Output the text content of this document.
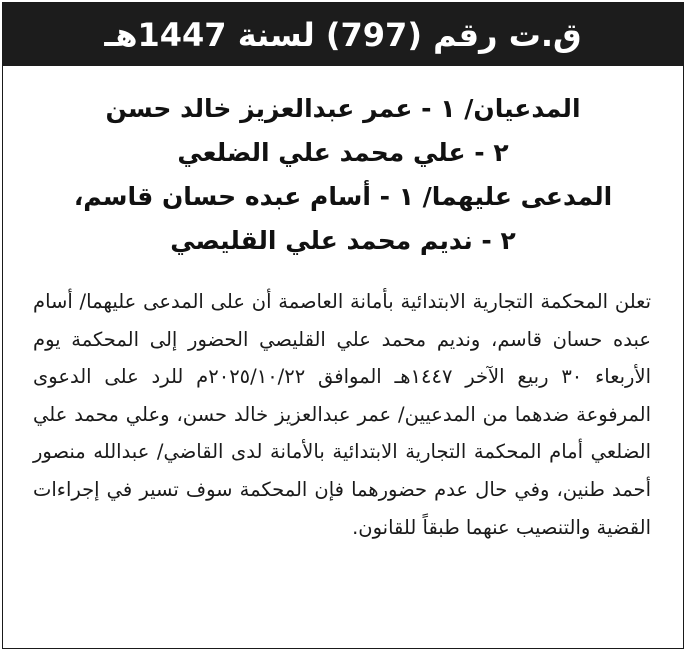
ق.ت رقم (797) لسنة 1447هـ
المدعيان/ ١ - عمر عبدالعزيز خالد حسن
٢ - علي محمد علي الضلعي
المدعى عليهما/ ١ - أسام عبده حسان قاسم،
٢ - نديم محمد علي القليصي
تعلن المحكمة التجارية الابتدائية بأمانة العاصمة أن على المدعى عليهما/ أسام عبده حسان قاسم، ونديم محمد علي القليصي الحضور إلى المحكمة يوم الأربعاء ٣٠ ربيع الآخر ١٤٤٧هـ الموافق ٢٠٢٥/١٠/٢٢م للرد على الدعوى المرفوعة ضدهما من المدعيين/ عمر عبدالعزيز خالد حسن، وعلي محمد علي الضلعي أمام المحكمة التجارية الابتدائية بالأمانة لدى القاضي/ عبدالله منصور أحمد طنين، وفي حال عدم حضورهما فإن المحكمة سوف تسير في إجراءات القضية والتنصيب عنهما طبقاً للقانون.
